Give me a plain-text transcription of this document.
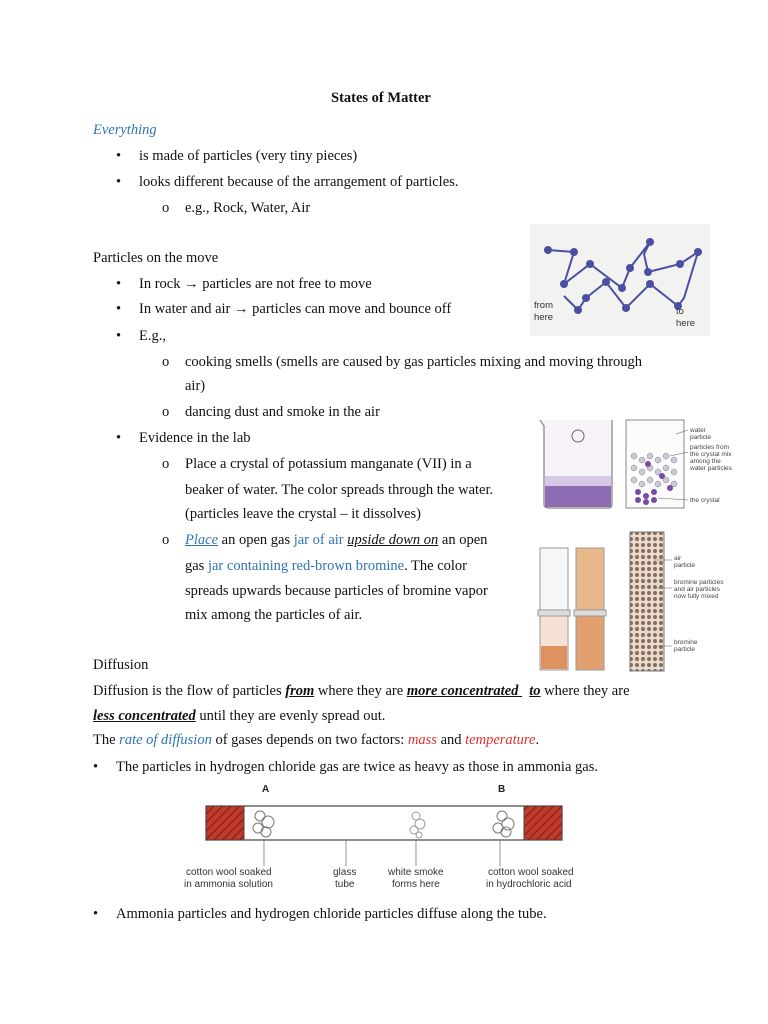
States of Matter
Everything
• is made of particles (very tiny pieces)
• looks different because of the arrangement of particles.
o e.g., Rock, Water, Air
Particles on the move
• In rock → particles are not free to move
• In water and air → particles can move and bounce off
• E.g.,
o cooking smells (smells are caused by gas particles mixing and moving through
air)
o dancing dust and smoke in the air
• Evidence in the lab
o Place a crystal of potassium manganate (VII) in a
beaker of water. The color spreads through the water.
(particles leave the crystal – it dissolves)
o Place an open gas jar of air upside down on an open
gas jar containing red-brown bromine. The color
spreads upwards because particles of bromine vapor
mix among the particles of air.
from
here
to
here
water
particle
particles from
the crystal mix
among the
water particles
the crystal
air
particle
bromine particles
and air particles
now fully mixed
bromine
particle
Diffusion
Diffusion is the flow of particles from where they are more concentrated   to where they are
less concentrated until they are evenly spread out.
The rate of diffusion of gases depends on two factors: mass and temperature.
• The particles in hydrogen chloride gas are twice as heavy as those in ammonia gas.
A	B
cotton wool soaked
in ammonia solution
glass
tube
white smoke
forms here
cotton wool soaked
in hydrochloric acid
• Ammonia particles and hydrogen chloride particles diffuse along the tube.
